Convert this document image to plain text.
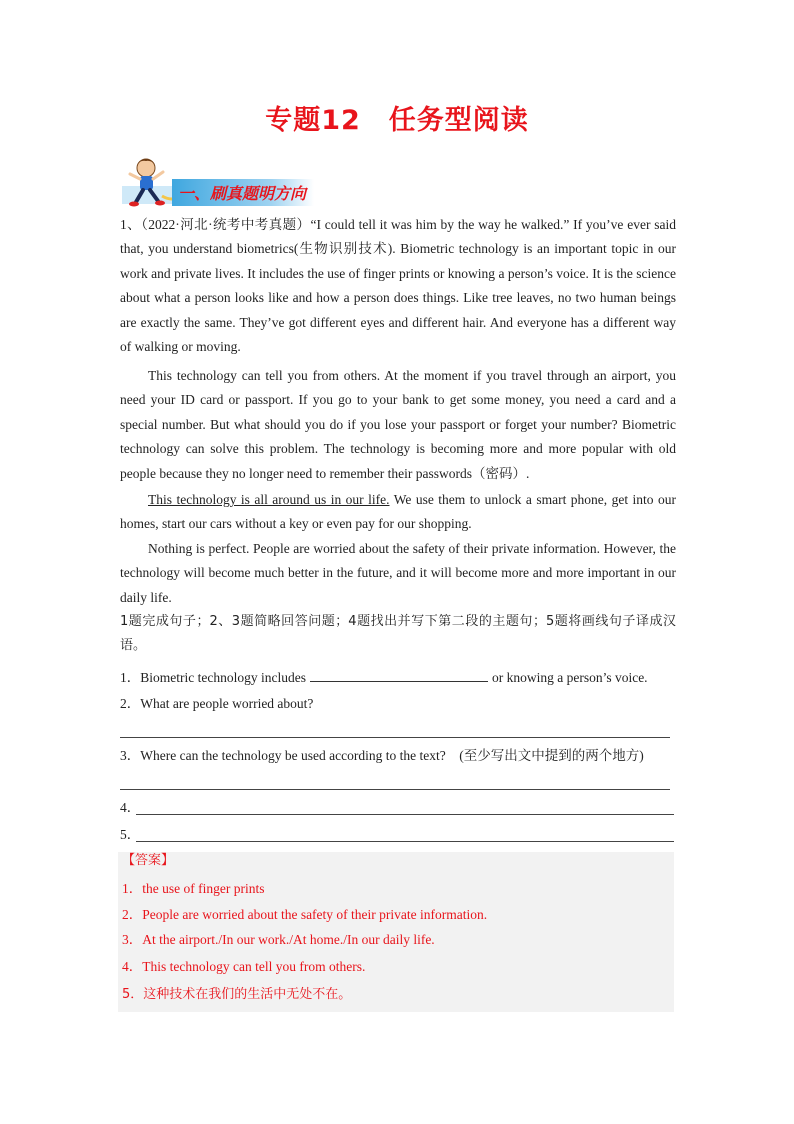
专题12　任务型阅读
一、刷真题明方向

1、（2022·河北·统考中考真题）“I could tell it was him by the way he walked.” If you’ve ever said that, you understand biometrics(生物识别技术). Biometric technology is an important topic in our work and private lives. It includes the use of finger prints or knowing a person’s voice. It is the science about what a person looks like and how a person does things. Like tree leaves, no two human beings are exactly the same. They’ve got different eyes and different hair. And everyone has a different way of walking or moving.

This technology can tell you from others. At the moment if you travel through an airport, you need your ID card or passport. If you go to your bank to get some money, you need a card and a special number. But what should you do if you lose your passport or forget your number? Biometric technology can solve this problem. The technology is becoming more and more popular with old people because they no longer need to remember their passwords（密码）.

This technology is all around us in our life. We use them to unlock a smart phone, get into our homes, start our cars without a key or even pay for our shopping.

Nothing is perfect. People are worried about the safety of their private information. However, the technology will become much better in the future, and it will become more and more important in our daily life.

1题完成句子；2、3题简略回答问题；4题找出并写下第二段的主题句；5题将画线句子译成汉语。

1．Biometric technology includes	or knowing a person’s voice.
2．What are people worried about?
3．Where can the technology be used according to the text?　(至少写出文中提到的两个地方)
4．
5．
【答案】
1．the use of finger prints
2．People are worried about the safety of their private information.
3．At the airport./In our work./At home./In our daily life.
4．This technology can tell you from others.
5．这种技术在我们的生活中无处不在。
